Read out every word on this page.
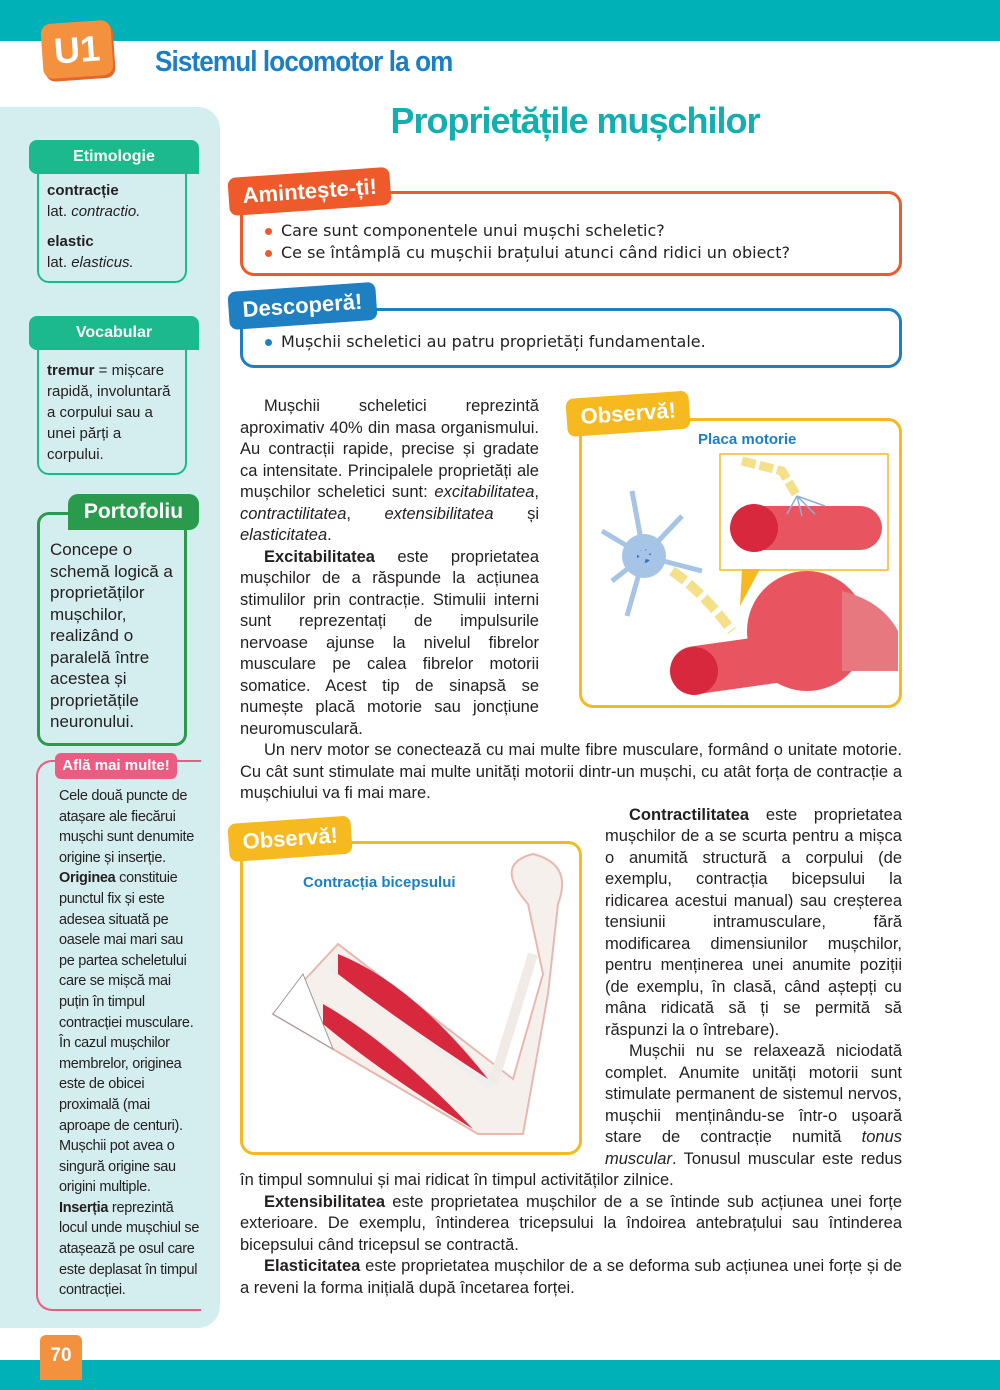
U1	Sistemul locomotor la om
Proprietățile mușchilor
Etimologie
contracție
lat. contractio.
elastic
lat. elasticus.
Vocabular
tremur = mișcare rapidă, involuntară a corpului sau a unei părți a corpului.
Concepe o schemă logică a proprietăților mușchilor, realizând o paralelă între acestea și proprietățile neuronului.
Portofoliu
Cele două puncte de atașare ale fiecărui mușchi sunt denumite origine și inserție. Originea constituie punctul fix și este adesea situată pe oasele mai mari sau pe partea scheletului care se mișcă mai puțin în timpul contracției musculare. În cazul mușchilor membrelor, originea este de obicei proximală (mai aproape de centuri). Mușchii pot avea o singură origine sau origini multiple. Inserția reprezintă locul unde mușchiul se atașează pe osul care este deplasat în timpul contracției.
Află mai multe!
Care sunt componentele unui mușchi scheletic?
Ce se întâmplă cu mușchii brațului atunci când ridici un obiect?
Amintește-ți!
Mușchii scheletici au patru proprietăți fundamentale.
Descoperă!
Placa motorie
Observă!

Mușchii scheletici reprezintă aproximativ 40% din masa organismului. Au contracții rapide, precise și gradate ca intensitate. Principalele proprietăți ale mușchilor scheletici sunt: excitabilitatea, contractilitatea, extensibilitatea și elasticitatea.

Excitabilitatea este proprietatea mușchilor de a răspunde la acțiunea stimulilor prin contracție. Stimulii interni sunt reprezentați de impulsurile nervoase ajunse la nivelul fibrelor musculare pe calea fibrelor motorii somatice. Acest tip de sinapsă se numește placă motorie sau joncțiune neuromusculară.

Un nerv motor se conectează cu mai multe fibre musculare, formând o unitate motorie. Cu cât sunt stimulate mai multe unități motorii dintr-un mușchi, cu atât forța de contracție a mușchiului va fi mai mare.

Contracția bicepsului
Observă!

Contractilitatea este proprietatea mușchilor de a se scurta pentru a mișca o anumită structură a corpului (de exemplu, contracția bicepsului la ridicarea acestui manual) sau creșterea tensiunii intramusculare, fără modificarea dimensiunilor mușchilor, pentru menținerea unei anumite poziții (de exemplu, în clasă, când aștepți cu mâna ridicată să ți se permită să răspunzi la o întrebare).

Mușchii nu se relaxează niciodată complet. Anumite unități motorii sunt stimulate permanent de sistemul nervos, mușchii menținându-se într-o ușoară stare de contracție numită tonus muscular. Tonusul muscular este redus în timpul somnului și mai ridicat în timpul activităților zilnice.

Extensibilitatea este proprietatea mușchilor de a se întinde sub acțiunea unei forțe exterioare. De exemplu, întinderea tricepsului la îndoirea antebrațului sau întinderea bicepsului când tricepsul se contractă.

Elasticitatea este proprietatea mușchilor de a se deforma sub acțiunea unei forțe și de a reveni la forma inițială după încetarea forței.

70
